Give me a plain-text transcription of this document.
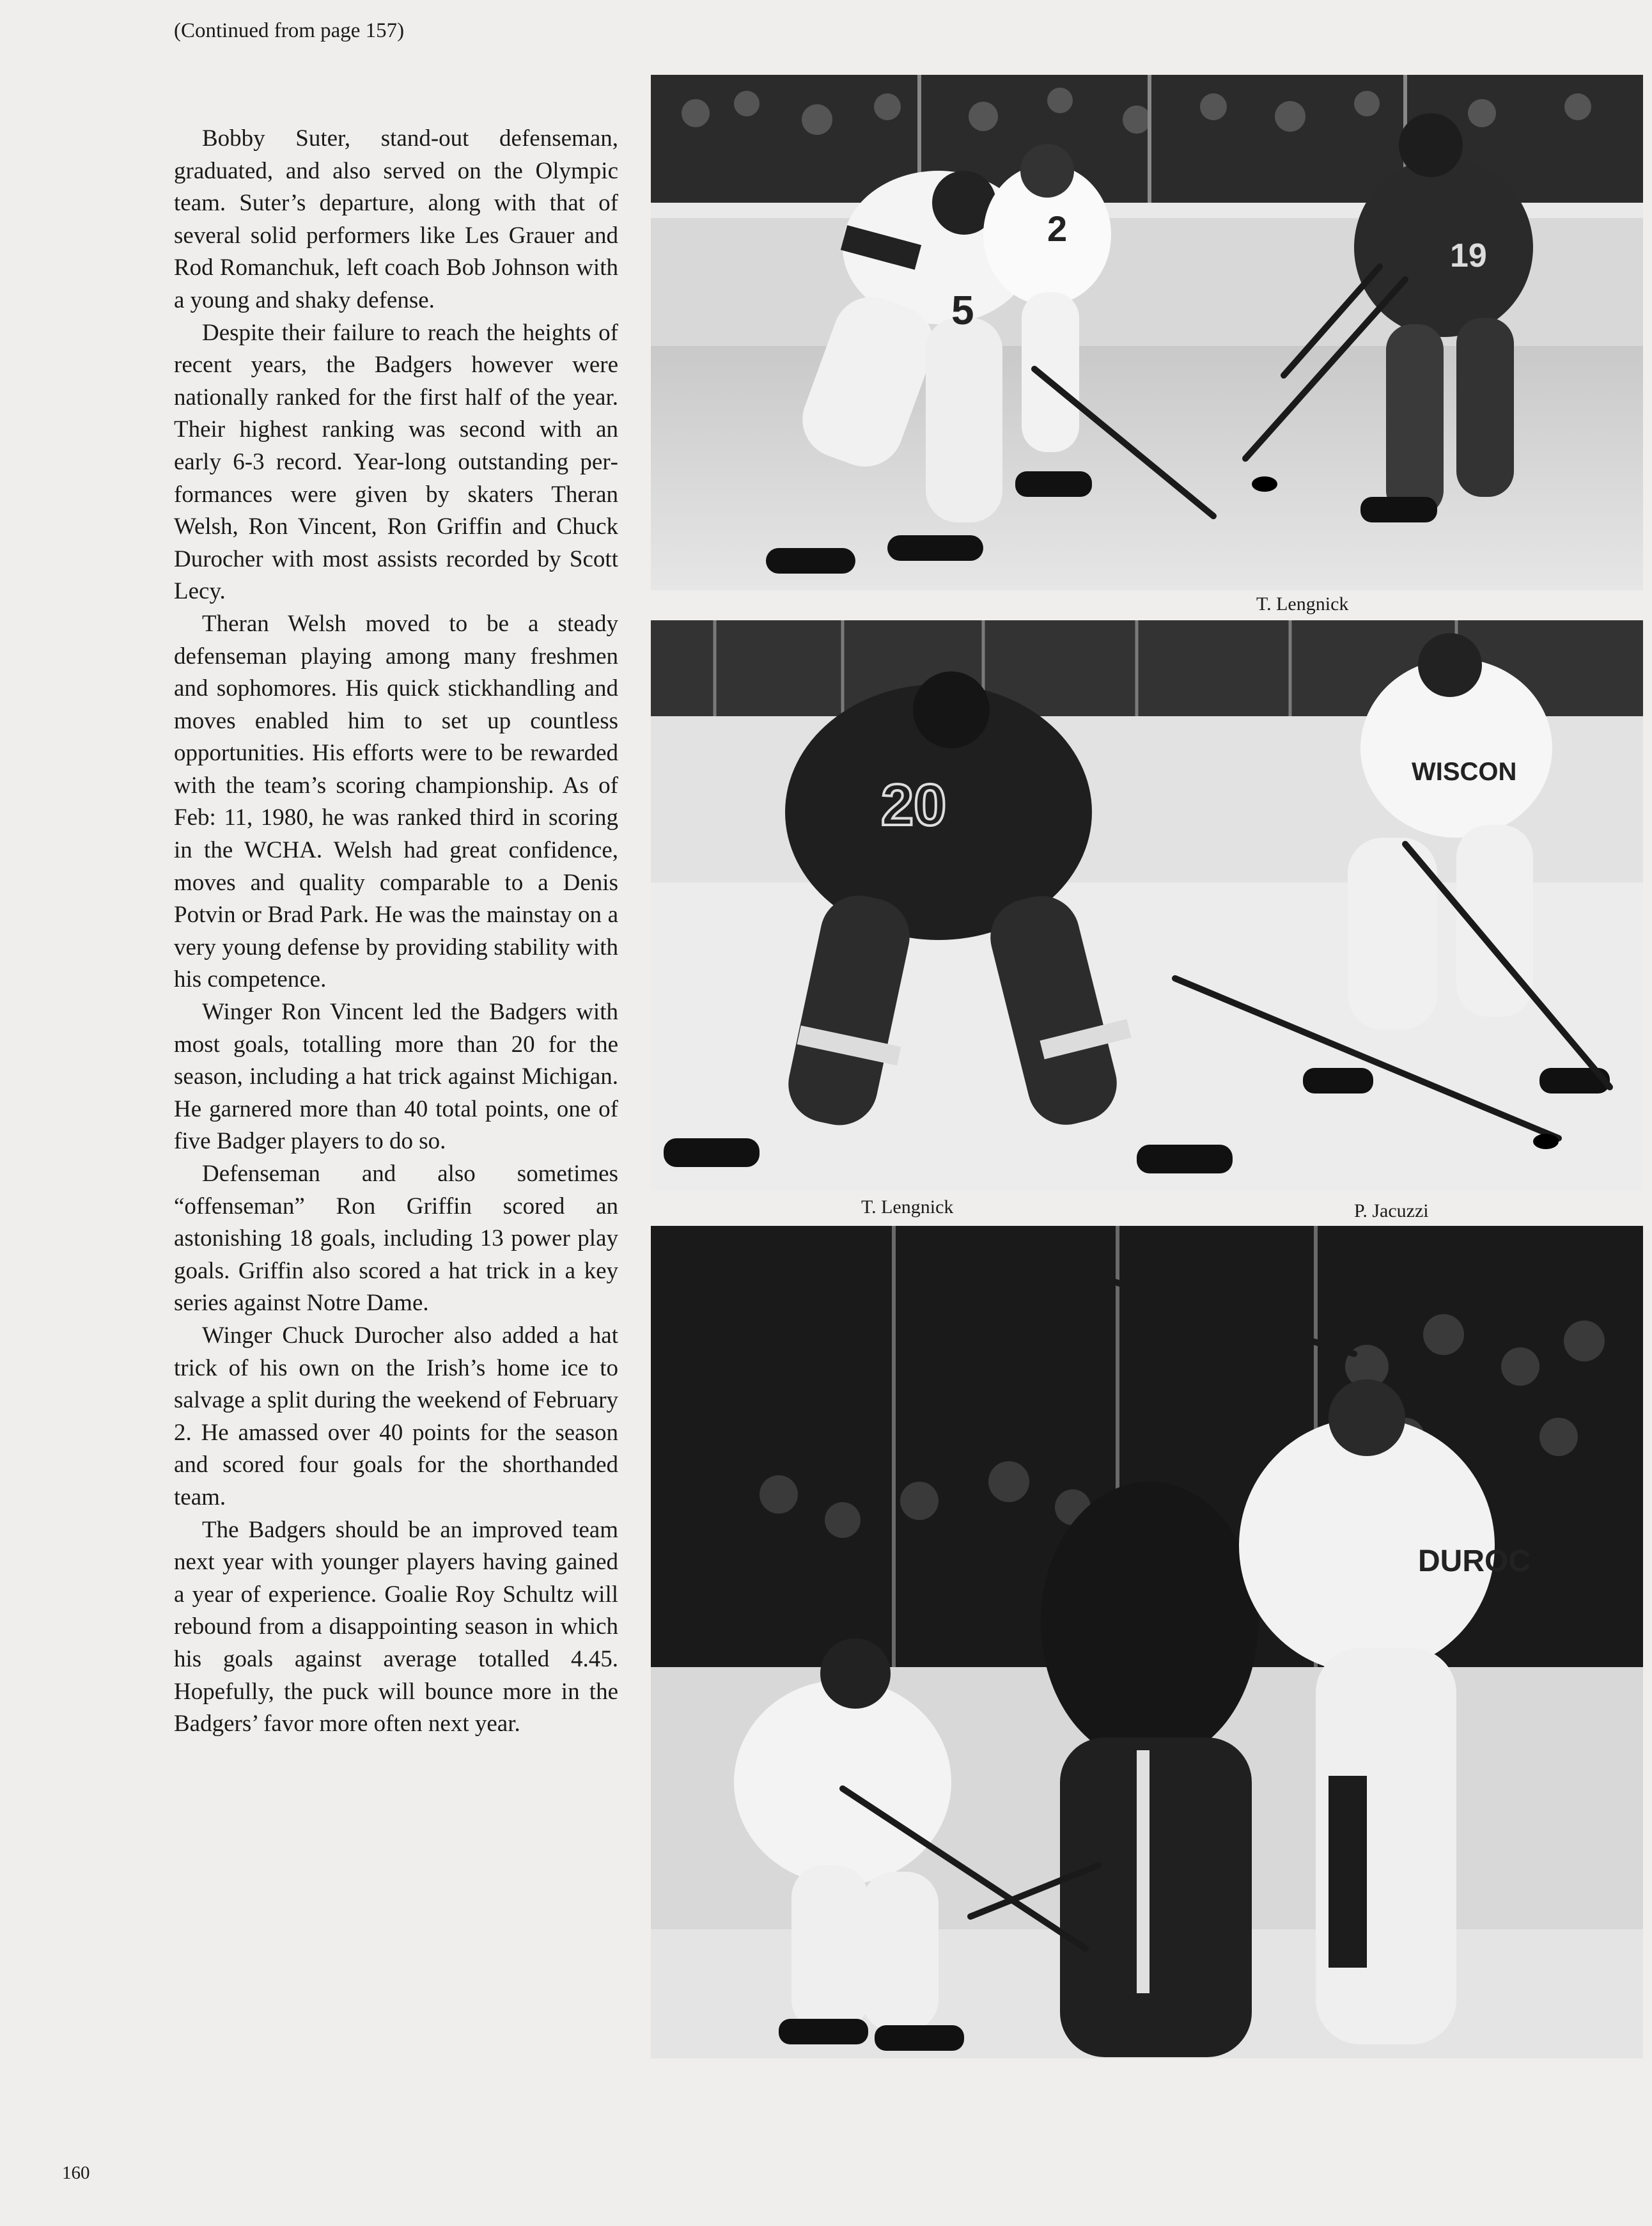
(Continued from page 157)

Bobby Suter, stand-out defenseman, graduated, and also served on the Olympic team. Suter’s departure, along with that of several solid performers like Les Grauer and Rod Romanchuk, left coach Bob Johnson with a young and shaky defense.

Despite their failure to reach the heights of recent years, the Badgers however were nationally ranked for the first half of the year. Their highest ranking was second with an early 6-3 record. Year-long outstanding performances were given by skaters Theran Welsh, Ron Vincent, Ron Griffin and Chuck Durocher with most assists recorded by Scott Lecy.

Theran Welsh moved to be a steady defenseman playing among many freshmen and sophomores. His quick stickhandling and moves enabled him to set up countless opportunities. His efforts were to be rewarded with the team’s scoring championship. As of Feb: 11, 1980, he was ranked third in scoring in the WCHA. Welsh had great confidence, moves and quality comparable to a Denis Potvin or Brad Park. He was the mainstay on a very young defense by providing stability with his competence.

Winger Ron Vincent led the Badgers with most goals, totalling more than 20 for the season, including a hat trick against Michigan. He garnered more than 40 total points, one of five Badger players to do so.

Defenseman and also sometimes “offenseman” Ron Griffin scored an astonishing 18 goals, including 13 power play goals. Griffin also scored a hat trick in a key series against Notre Dame.

Winger Chuck Durocher also added a hat trick of his own on the Irish’s home ice to salvage a split during the weekend of February 2. He amassed over 40 points for the season and scored four goals for the shorthanded team.

The Badgers should be an improved team next year with younger players having gained a year of experience. Goalie Roy Schultz will rebound from a disappointing season in which his goals against average totalled 4.45. Hopefully, the puck will bounce more in the Badgers’ favor more often next year.

5
2
19
T. Lengnick
20
WISCON
T. Lengnick	P. Jacuzzi
DUROC
160
